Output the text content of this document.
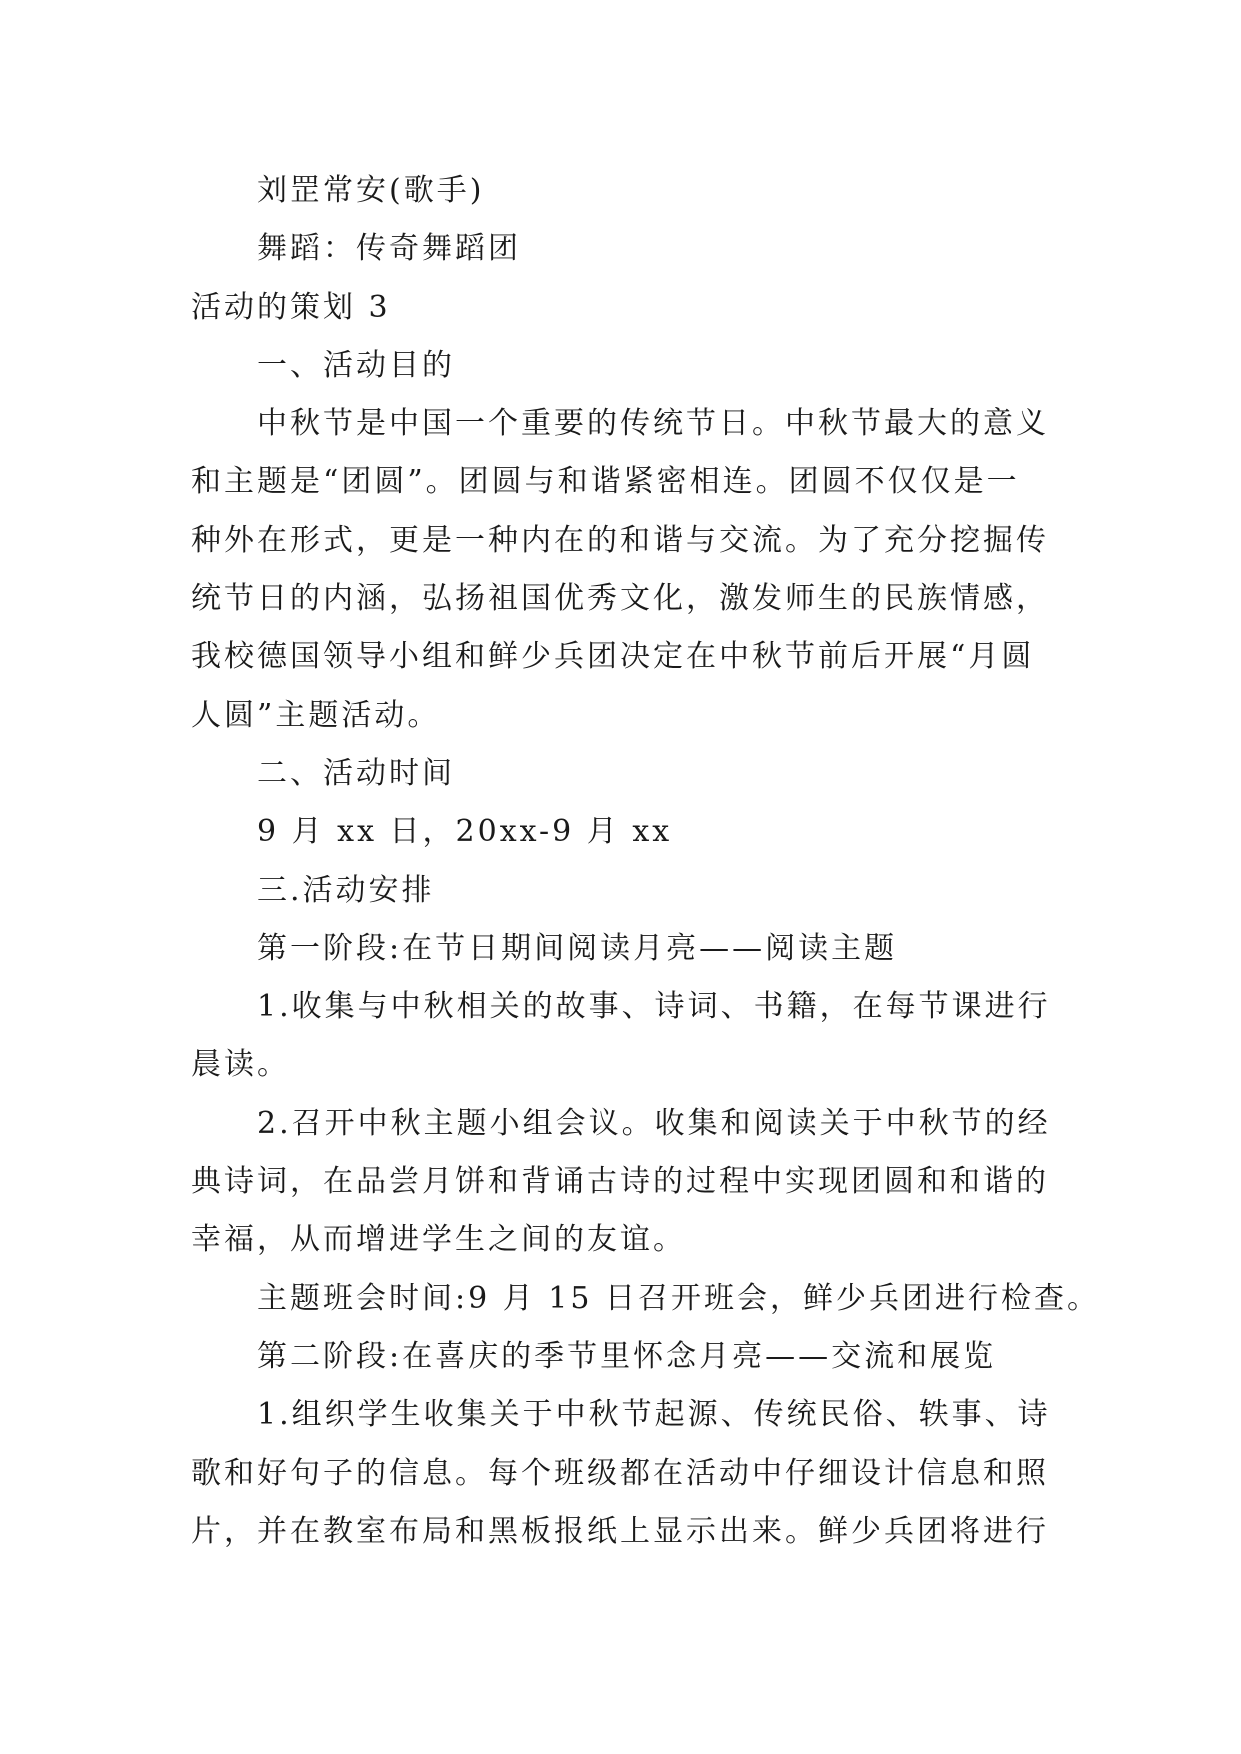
刘罡常安(歌手)
舞蹈：传奇舞蹈团
活动的策划 3
一、活动目的
中秋节是中国一个重要的传统节日。中秋节最大的意义
和主题是“团圆”。团圆与和谐紧密相连。团圆不仅仅是一
种外在形式，更是一种内在的和谐与交流。为了充分挖掘传
统节日的内涵，弘扬祖国优秀文化，激发师生的民族情感，
我校德国领导小组和鲜少兵团决定在中秋节前后开展“月圆
人圆”主题活动。
二、活动时间
9 月 xx 日，20xx-9 月 xx
三.活动安排
第一阶段:在节日期间阅读月亮——阅读主题
1.收集与中秋相关的故事、诗词、书籍，在每节课进行
晨读。
2.召开中秋主题小组会议。收集和阅读关于中秋节的经
典诗词，在品尝月饼和背诵古诗的过程中实现团圆和和谐的
幸福，从而增进学生之间的友谊。
主题班会时间:9 月 15 日召开班会，鲜少兵团进行检查。
第二阶段:在喜庆的季节里怀念月亮——交流和展览
1.组织学生收集关于中秋节起源、传统民俗、轶事、诗
歌和好句子的信息。每个班级都在活动中仔细设计信息和照
片，并在教室布局和黑板报纸上显示出来。鲜少兵团将进行
